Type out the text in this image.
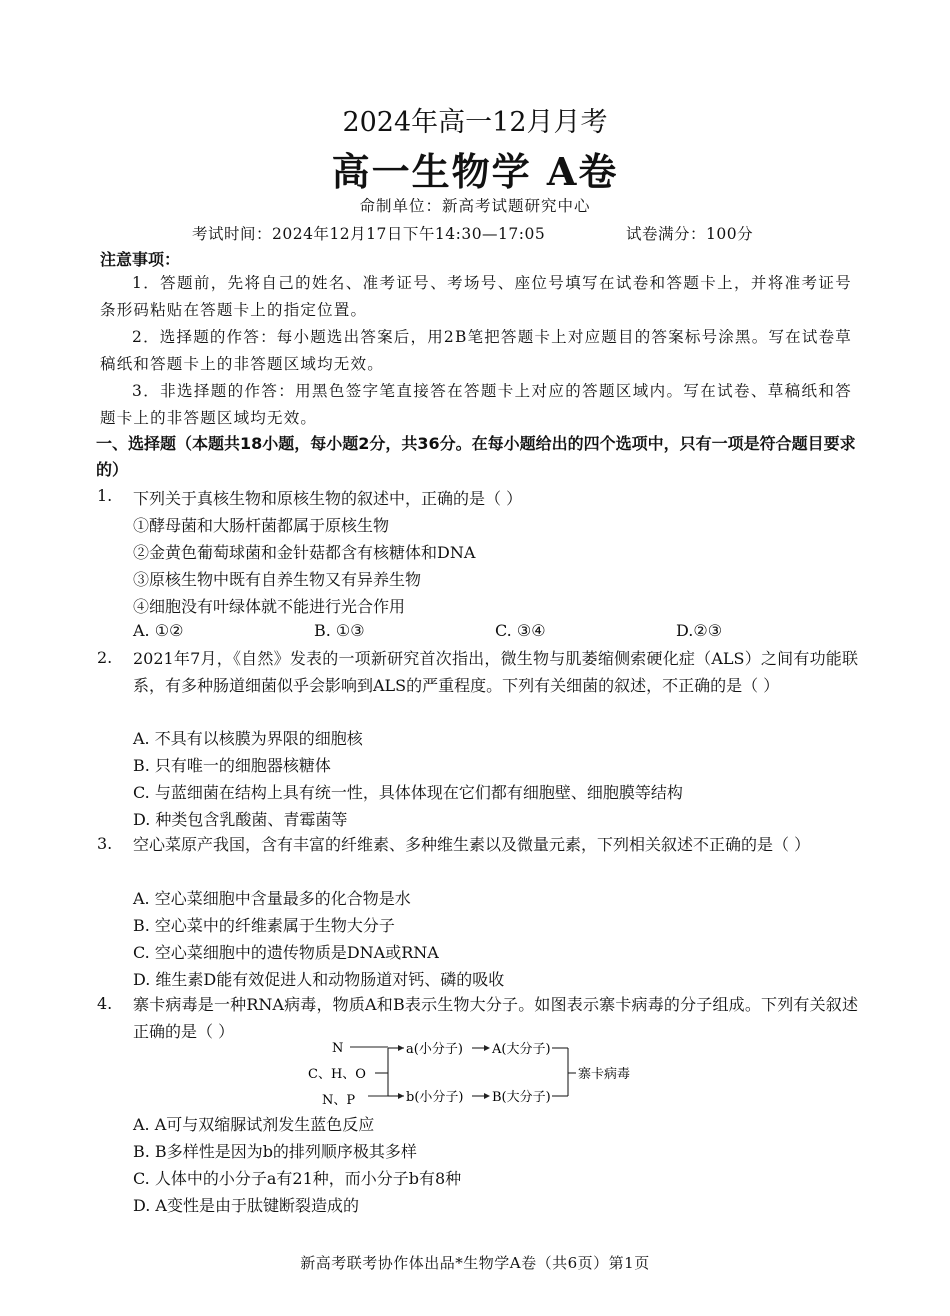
2024年高一12月月考
高一生物学 A卷
命制单位：新高考试题研究中心
考试时间：2024年12月17日下午14:30—17:05	试卷满分：100分
注意事项：
1．答题前，先将自己的姓名、准考证号、考场号、座位号填写在试卷和答题卡上，并将准考证号条形码粘贴在答题卡上的指定位置。
2．选择题的作答：每小题选出答案后，用2B笔把答题卡上对应题目的答案标号涂黑。写在试卷草稿纸和答题卡上的非答题区域均无效。
3．非选择题的作答：用黑色签字笔直接答在答题卡上对应的答题区域内。写在试卷、草稿纸和答题卡上的非答题区域均无效。
一、选择题（本题共18小题，每小题2分，共36分。在每小题给出的四个选项中，只有一项是符合题目要求的）
1. 下列关于真核生物和原核生物的叙述中，正确的是（ ）
①酵母菌和大肠杆菌都属于原核生物
②金黄色葡萄球菌和金针菇都含有核糖体和DNA
③原核生物中既有自养生物又有异养生物
④细胞没有叶绿体就不能进行光合作用
A. ①②	B. ①③	C. ③④	D.②③
2. 2021年7月，《自然》发表的一项新研究首次指出，微生物与肌萎缩侧索硬化症（ALS）之间有功能联系，有多种肠道细菌似乎会影响到ALS的严重程度。下列有关细菌的叙述，不正确的是（ ）
A. 不具有以核膜为界限的细胞核
B. 只有唯一的细胞器核糖体
C. 与蓝细菌在结构上具有统一性，具体体现在它们都有细胞壁、细胞膜等结构
D. 种类包含乳酸菌、青霉菌等
3. 空心菜原产我国，含有丰富的纤维素、多种维生素以及微量元素，下列相关叙述不正确的是（ ）
A. 空心菜细胞中含量最多的化合物是水
B. 空心菜中的纤维素属于生物大分子
C. 空心菜细胞中的遗传物质是DNA或RNA
D. 维生素D能有效促进人和动物肠道对钙、磷的吸收
4. 寨卡病毒是一种RNA病毒，物质A和B表示生物大分子。如图表示寨卡病毒的分子组成。下列有关叙述正确的是（ ）
N
C、H、O
N、P
a(小分子) A(大分子)
b(小分子) B(大分子)
寨卡病毒
A. A可与双缩脲试剂发生蓝色反应
B. B多样性是因为b的排列顺序极其多样
C. 人体中的小分子a有21种，而小分子b有8种
D. A变性是由于肽键断裂造成的
新高考联考协作体出品*生物学A卷（共6页）第1页
